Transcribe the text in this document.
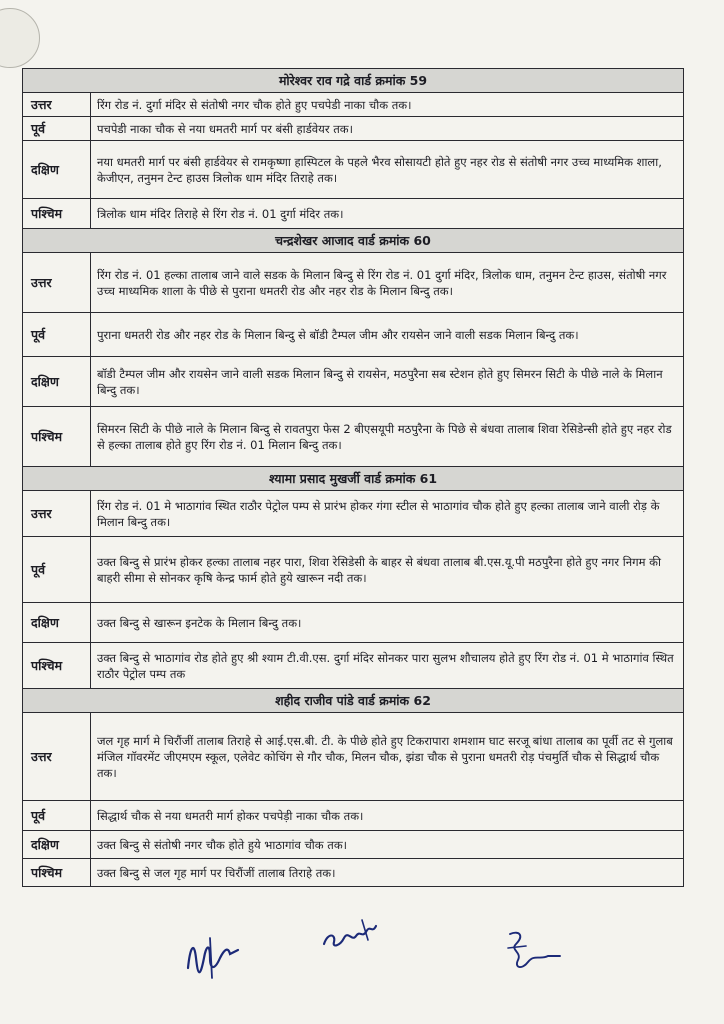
मोरेश्वर राव गद्रे वार्ड क्रमांक 59	
उत्तर	रिंग रोड नं. दुर्गा मंदिर से संतोषी नगर चौक होते हुए पचपेडी नाका चौक तक।
पूर्व	पचपेडी नाका चौक से नया धमतरी मार्ग पर बंसी हार्डवेयर तक।
दक्षिण	नया धमतरी मार्ग पर बंसी हार्डवेयर से रामकृष्णा हास्पिटल के पहले भैरव सोसायटी होते हुए नहर रोड से संतोषी नगर उच्च माध्यमिक शाला, केजीएन, तनुमन टेन्ट हाउस त्रिलोक धाम मंदिर तिराहे तक।
पश्चिम	त्रिलोक धाम मंदिर तिराहे से रिंग रोड नं. 01 दुर्गा मंदिर तक।
चन्द्रशेखर आजाद वार्ड क्रमांक 60	
उत्तर	रिंग रोड नं. 01 हल्का तालाब जाने वाले सडक के मिलान बिन्दु से रिंग रोड नं. 01 दुर्गा मंदिर, त्रिलोक धाम, तनुमन टेन्ट हाउस, संतोषी नगर उच्च माध्यमिक शाला के पीछे से पुराना धमतरी रोड और नहर रोड के मिलान बिन्दु तक।
पूर्व	पुराना धमतरी रोड और नहर रोड के मिलान बिन्दु से बॉडी टैम्पल जीम और रायसेन जाने वाली सडक मिलान बिन्दु तक।
दक्षिण	बॉडी टैम्पल जीम और रायसेन जाने वाली सडक मिलान बिन्दु से रायसेन, मठपुरैना सब स्टेशन होते हुए सिमरन सिटी के पीछे नाले के मिलान बिन्दु तक।
पश्चिम	सिमरन सिटी के पीछे नाले के मिलान बिन्दु से रावतपुरा फेस 2 बीएसयूपी मठपुरैना के पिछे से बंधवा तालाब शिवा रेसिडेन्सी होते हुए नहर रोड से हल्का तालाब होते हुए रिंग रोड नं. 01 मिलान बिन्दु तक।
श्यामा प्रसाद मुखर्जी वार्ड क्रमांक 61	
उत्तर	रिंग रोड नं. 01 मे भाठागांव स्थित राठौर पेट्रोल पम्प से प्रारंभ होकर गंगा स्टील से भाठागांव चौक होते हुए हल्का तालाब जाने वाली रोड़ के मिलान बिन्दु तक।
पूर्व	उक्त बिन्दु से प्रारंभ होकर हल्का तालाब नहर पारा, शिवा रेसिडेसी के बाहर से बंधवा तालाब बी.एस.यू.पी मठपुरैना होते हुए नगर निगम की बाहरी सीमा से सोनकर कृषि केन्द्र फार्म होते हुये खारून नदी तक।
दक्षिण	उक्त बिन्दु से खारून इनटेक के मिलान बिन्दु तक।
पश्चिम	उक्त बिन्दु से भाठागांव रोड होते हुए श्री श्याम टी.वी.एस. दुर्गा मंदिर सोनकर पारा सुलभ शौचालय होते हुए रिंग रोड नं. 01 मे भाठागांव स्थित राठौर पेट्रोल पम्प तक
शहीद राजीव पांडे वार्ड क्रमांक 62	
उत्तर	जल गृह मार्ग मे चिरौंजीं तालाब तिराहे से आई.एस.बी. टी. के पीछे होते हुए टिकरापारा शमशाम घाट सरजू बांधा तालाब का पूर्वी तट से गुलाब मंजिल गॉवरमेंट जीएमएम स्कूल, एलेवेट कोचिंग से गौर चौक, मिलन चौक, झंडा चौक से पुराना धमतरी रोड़ पंचमुर्ति चौक से सिद्धार्थ चौक तक।
पूर्व	सिद्धार्थ चौक से नया धमतरी मार्ग होकर पचपेड़ी नाका चौक तक।
दक्षिण	उक्त बिन्दु से संतोषी नगर चौक होते हुये भाठागांव चौक तक।
पश्चिम	उक्त बिन्दु से जल गृह मार्ग पर चिरौंजीं तालाब तिराहे तक।
